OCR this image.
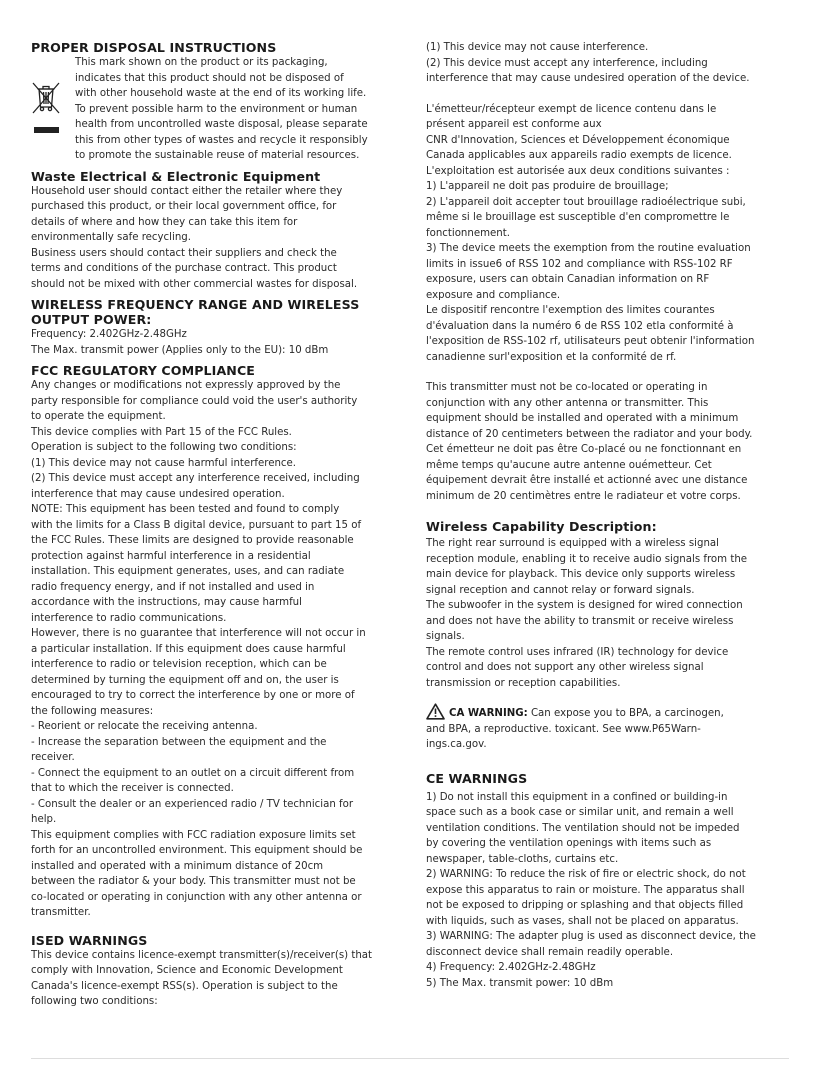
PROPER DISPOSAL INSTRUCTIONS

This mark shown on the product or its packaging,

indicates that this product should not be disposed of

with other household waste at the end of its working life.

To prevent possible harm to the environment or human

health from uncontrolled waste disposal, please separate

this from other types of wastes and recycle it responsibly

to promote the sustainable reuse of material resources.

Waste Electrical & Electronic Equipment

Household user should contact either the retailer where they

purchased this product, or their local government office, for

details of where and how they can take this item for

environmentally safe recycling.

Business users should contact their suppliers and check the

terms and conditions of the purchase contract. This product

should not be mixed with other commercial wastes for disposal.

WIRELESS FREQUENCY RANGE AND WIRELESS
OUTPUT POWER:

Frequency: 2.402GHz-2.48GHz

The Max. transmit power (Applies only to the EU): 10 dBm

FCC REGULATORY COMPLIANCE

Any changes or modifications not expressly approved by the

party responsible for compliance could void the user's authority

to operate the equipment.

This device complies with Part 15 of the FCC Rules.

Operation is subject to the following two conditions:

(1) This device may not cause harmful interference.

(2) This device must accept any interference received, including

interference that may cause undesired operation.

NOTE: This equipment has been tested and found to comply

with the limits for a Class B digital device, pursuant to part 15 of

the FCC Rules. These limits are designed to provide reasonable

protection against harmful interference in a residential

installation. This equipment generates, uses, and can radiate

radio frequency energy, and if not installed and used in

accordance with the instructions, may cause harmful

interference to radio communications.

However, there is no guarantee that interference will not occur in

a particular installation. If this equipment does cause harmful

interference to radio or television reception, which can be

determined by turning the equipment off and on, the user is

encouraged to try to correct the interference by one or more of

the following measures:

- Reorient or relocate the receiving antenna.

- Increase the separation between the equipment and the

receiver.

- Connect the equipment to an outlet on a circuit different from

that to which the receiver is connected.

- Consult the dealer or an experienced radio / TV technician for

help.

This equipment complies with FCC radiation exposure limits set

forth for an uncontrolled environment. This equipment should be

installed and operated with a minimum distance of 20cm

between the radiator & your body. This transmitter must not be

co-located or operating in conjunction with any other antenna or

transmitter.

ISED WARNINGS

This device contains licence-exempt transmitter(s)/receiver(s) that

comply with Innovation, Science and Economic Development

Canada's licence-exempt RSS(s). Operation is subject to the

following two conditions:

(1) This device may not cause interference.

(2) This device must accept any interference, including

interference that may cause undesired operation of the device.

L'émetteur/récepteur exempt de licence contenu dans le

présent appareil est conforme aux

CNR d'Innovation, Sciences et Développement économique

Canada applicables aux appareils radio exempts de licence.

L'exploitation est autorisée aux deux conditions suivantes :

1) L'appareil ne doit pas produire de brouillage;

2) L'appareil doit accepter tout brouillage radioélectrique subi,

même si le brouillage est susceptible d'en compromettre le

fonctionnement.

3) The device meets the exemption from the routine evaluation

limits in issue6 of RSS 102 and compliance with RSS-102 RF

exposure, users can obtain Canadian information on RF

exposure and compliance.

Le dispositif rencontre l'exemption des limites courantes

d'évaluation dans la numéro 6 de RSS 102 etla conformité à

l'exposition de RSS-102 rf, utilisateurs peut obtenir l'information

canadienne surl'exposition et la conformité de rf.

This transmitter must not be co-located or operating in

conjunction with any other antenna or transmitter. This

equipment should be installed and operated with a minimum

distance of 20 centimeters between the radiator and your body.

Cet émetteur ne doit pas être Co-placé ou ne fonctionnant en

même temps qu'aucune autre antenne ouémetteur. Cet

équipement devrait être installé et actionné avec une distance

minimum de 20 centimètres entre le radiateur et votre corps.

Wireless Capability Description:

The right rear surround is equipped with a wireless signal

reception module, enabling it to receive audio signals from the

main device for playback. This device only supports wireless

signal reception and cannot relay or forward signals.

The subwoofer in the system is designed for wired connection

and does not have the ability to transmit or receive wireless

signals.

The remote control uses infrared (IR) technology for device

control and does not support any other wireless signal

transmission or reception capabilities.

CA WARNING: Can expose you to BPA, a carcinogen,

and BPA, a reproductive. toxicant. See www.P65Warn-

ings.ca.gov.

CE WARNINGS

1) Do not install this equipment in a confined or building-in

space such as a book case or similar unit, and remain a well

ventilation conditions. The ventilation should not be impeded

by covering the ventilation openings with items such as

newspaper, table-cloths, curtains etc.

2) WARNING: To reduce the risk of fire or electric shock, do not

expose this apparatus to rain or moisture. The apparatus shall

not be exposed to dripping or splashing and that objects filled

with liquids, such as vases, shall not be placed on apparatus.

3) WARNING: The adapter plug is used as disconnect device, the

disconnect device shall remain readily operable.

4) Frequency: 2.402GHz-2.48GHz

5) The Max. transmit power: 10 dBm
